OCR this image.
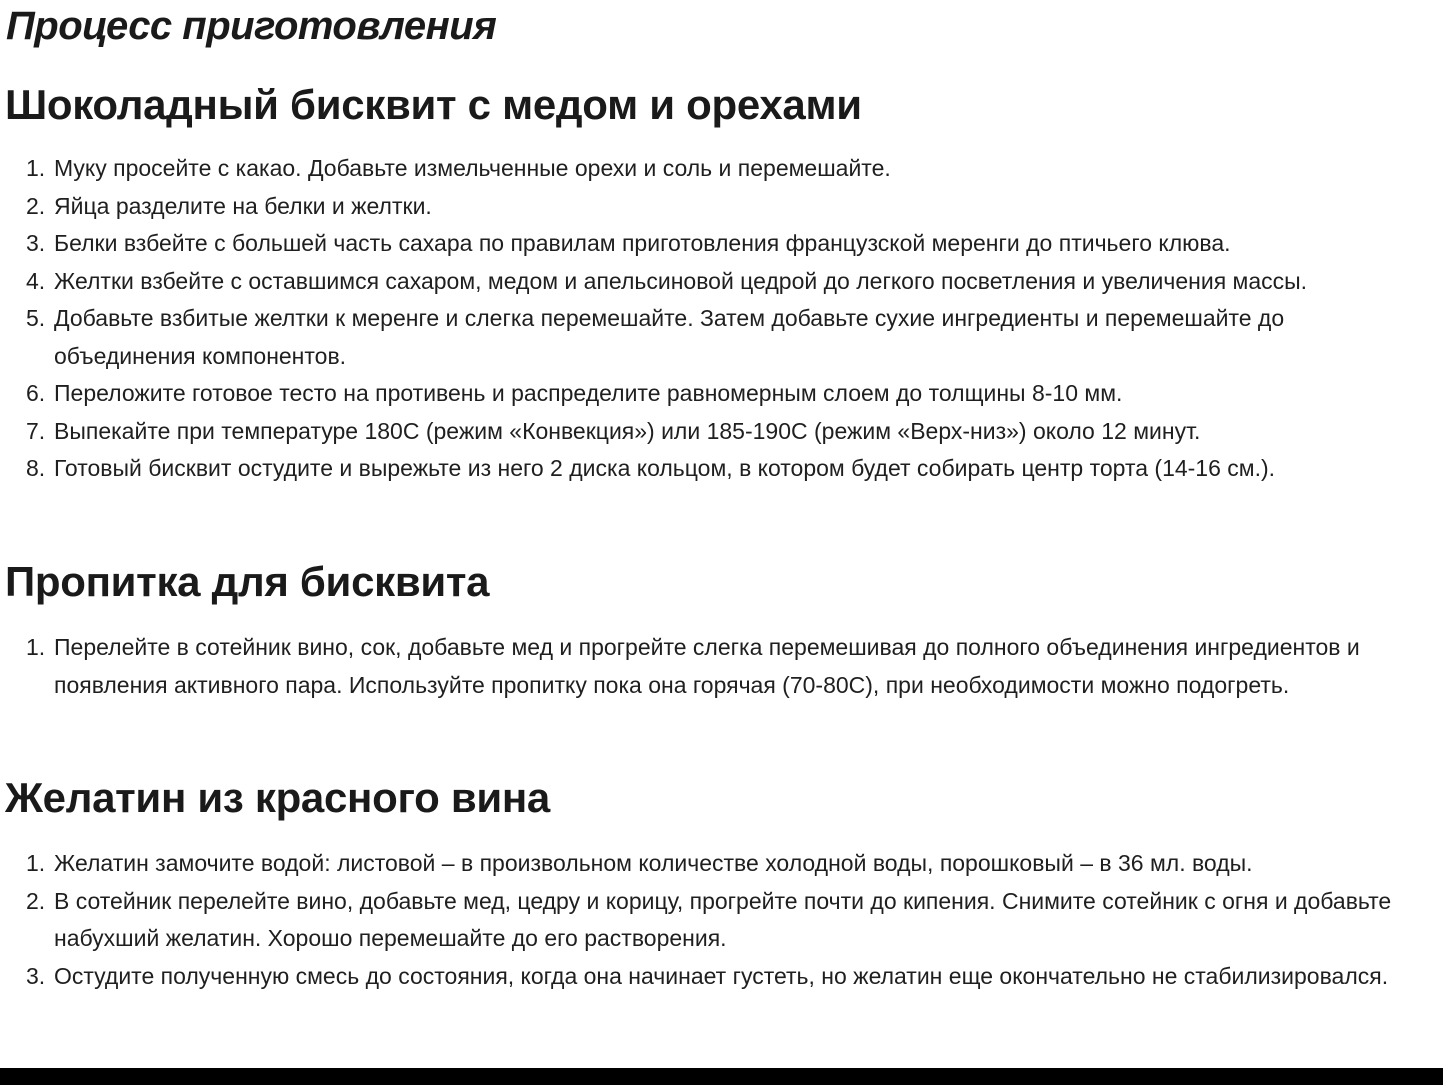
Процесс приготовления
Шоколадный бисквит с медом и орехами
1. Муку просейте с какао. Добавьте измельченные орехи и соль и перемешайте.
2. Яйца разделите на белки и желтки.
3. Белки взбейте с большей часть сахара по правилам приготовления французской меренги до птичьего клюва.
4. Желтки взбейте с оставшимся сахаром, медом и апельсиновой цедрой до легкого посветления и увеличения массы.
5. Добавьте взбитые желтки к меренге и слегка перемешайте. Затем добавьте сухие ингредиенты и перемешайте до объединения компонентов.
6. Переложите готовое тесто на противень и распределите равномерным слоем до толщины 8-10 мм.
7. Выпекайте при температуре 180С (режим «Конвекция») или 185-190С (режим «Верх-низ») около 12 минут.
8. Готовый бисквит остудите и вырежьте из него 2 диска кольцом, в котором будет собирать центр торта (14-16 см.).
Пропитка для бисквита
1. Перелейте в сотейник вино, сок, добавьте мед и прогрейте слегка перемешивая до полного объединения ингредиентов и появления активного пара. Используйте пропитку пока она горячая (70-80С), при необходимости можно подогреть.
Желатин из красного вина
1. Желатин замочите водой: листовой – в произвольном количестве холодной воды, порошковый – в 36 мл. воды.
2. В сотейник перелейте вино, добавьте мед, цедру и корицу, прогрейте почти до кипения. Снимите сотейник с огня и добавьте набухший желатин. Хорошо перемешайте до его растворения.
3. Остудите полученную смесь до состояния, когда она начинает густеть, но желатин еще окончательно не стабилизировался.
